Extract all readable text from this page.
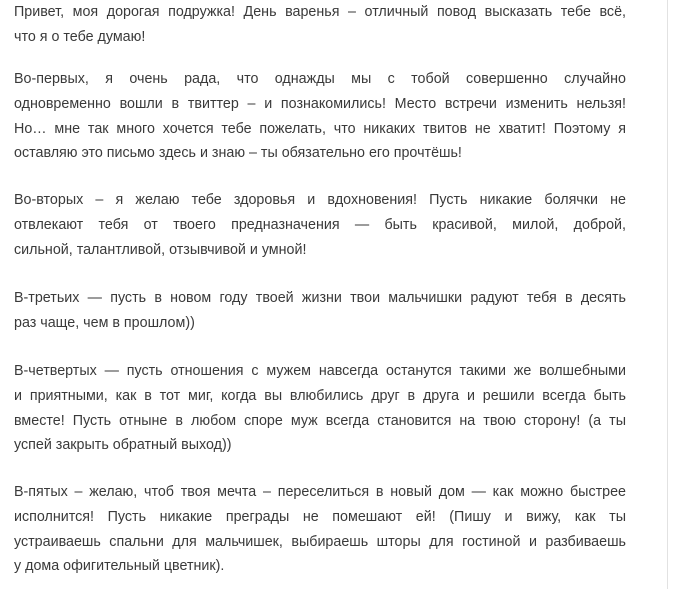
Привет, моя дорогая подружка! День варенья – отличный повод высказать тебе всё,
что я о тебе думаю!

Во-первых, я очень рада, что однажды мы с тобой совершенно случайно
одновременно вошли в твиттер – и познакомились! Место встречи изменить нельзя!
Но… мне так много хочется тебе пожелать, что никаких твитов не хватит! Поэтому я
оставляю это письмо здесь и знаю – ты обязательно его прочтёшь!

Во-вторых – я желаю тебе здоровья и вдохновения! Пусть никакие болячки не
отвлекают тебя от твоего предназначения — быть красивой, милой, доброй,
сильной, талантливой, отзывчивой и умной!

В-третьих — пусть в новом году твоей жизни твои мальчишки радуют тебя в десять
раз чаще, чем в прошлом))

В-четвертых — пусть отношения с мужем навсегда останутся такими же волшебными
и приятными, как в тот миг, когда вы влюбились друг в друга и решили всегда быть
вместе! Пусть отныне в любом споре муж всегда становится на твою сторону! (а ты
успей закрыть обратный выход))

В-пятых – желаю, чтоб твоя мечта – переселиться в новый дом — как можно быстрее
исполнится! Пусть никакие преграды не помешают ей! (Пишу и вижу, как ты
устраиваешь спальни для мальчишек, выбираешь шторы для гостиной и разбиваешь
у дома офигительный цветник).
